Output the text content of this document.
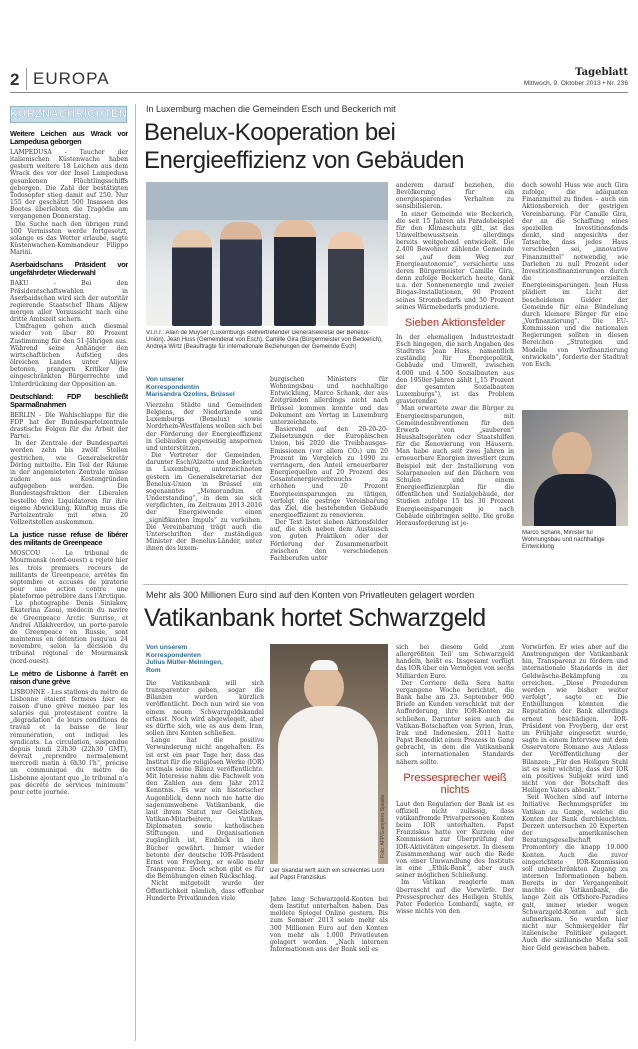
2 EUROPA	Tageblatt
Mittwoch, 9. Oktober 2013 • Nr. 236
KURZNACHRICHTEN
Weitere Leichen aus Wrack vor Lampedusa geborgen

LAMPEDUSA - Taucher der italienischen Küstenwache haben gestern weitere 18 Leichen aus dem Wrack des vor der Insel Lampedusa gesunkenen Flüchtlingsschiffs geborgen. Die Zahl der bestätigten Todesopfer stieg damit auf 250. Nur 155 der geschätzt 500 Insassen des Bootes überlebten die Tragödie am vergangenen Donnerstag.

Die Suche nach den übrigen rund 100 Vermissten werde fortgesetzt, solange es das Wetter erlaube, sagte Küstenwachen-Kommandeur Filippo Marini.

Aserbaidschans Präsident vor ungefährdeter Wiederwahl

BAKU - Bei den Präsidentschaftswahlen in Aserbaidschan wird sich der autoritär regierende Staatschef Ilham Alijew morgen aller Voraussicht nach eine dritte Amtszeit sichern.

Umfragen gehen auch diesmal wieder von über 80 Prozent Zustimmung für den 51-Jährigen aus. Während seine Anhänger den wirtschaftlichen Aufstieg des ölreichen Landes unter Alijew betonen, prangern Kritiker die eingeschränkten Bürgerrechte und Unterdrückung der Opposition an.

Deutschland: FDP beschließt Sparmaßnahmen

BERLIN - Die Wahlschlappe für die FDP hat der Bundesparteizentrale drastische Folgen für die Arbeit der Partei.

In der Zentrale der Bundespartei werden zehn bis zwölf Stellen gestrichen, wie Generalsekretär Döring mitteilte. Ein Teil der Räume in der angemieteten Zentrale müsse zudem aus Kostengründen aufgegeben werden. Die Bundestagsfraktion der Liberalen bestellte drei Liquidatoren für ihre eigene Abwicklung. Künftig muss die Parteizentrale mit etwa 20 Vollzeitstellen auskommen.

La justice russe refuse de libérer des militants de Greenpeace

MOSCOU - Le tribunal de Mourmansk (nord-ouest) a rejeté hier les trois premiers recours de militants de Greenpeace, arrêtés fin septembre et accusés de piraterie pour une action contre une plateforme pétrolière dans l'Arctique.

Le photographe Denis Siniakov, Ekaterina Zaoui, médecin du navire de Greenpeace Arctic Sunrise, et Andreï Allakhverdov, un porte-parole de Greenpeace en Russie, sont maintenus en détention jusqu'au 24 novembre, selon la décision du tribunal régional de Mourmansk (nord-ouest).

Le métro de Lisbonne à l'arrêt en raison d'une grève

LISBONNE - Les stations du métro de Lisbonne étaient fermées hier en raison d'une grève menée par les salariés qui protestaient contre la „dégradation“ de leurs conditions de travail et la baisse de leur rémunération, ont indiqué les syndicats. La circulation, suspendue depuis lundi 23h30 (22h30 GMT), devrait „reprendre normalement mercredi matin à 6h30 l'h“, précise un communiqué du métro de Lisbonne ajoutant que „le tribunal n'a pas décrété de services minimum“ pour cette journée.

In Luxemburg machen die Gemeinden Esch und Beckerich mit
Benelux-Kooperation bei
Energieeffizienz von Gebäuden
V.l.n.r.: Alain de Muyser (Luxemburgs stellvertretender Generalsekretär der Benelux-Union), Jean Huss (Gemeinderat von Esch), Camille Gira (Bürgermeister von Beckerich), Andreja Wirtz (Beauftragte für internationale Beziehungen der Gemeinde Esch)
Von unserer
Korrespondentin
Marisandra Ozolins, Brüssel

Vierzehn Städte und Gemeinden Belgiens, der Niederlande und Luxemburgs (Benelux) sowie Nordrhein-Westfalens wollen sich bei der Förderung der Energieeffizienz in Gebäuden gegenseitig anspornen und unterstützen.

Die Vertreter der Gemeinden, darunter Esch/Alzette und Beckerich in Luxemburg, unterzeichneten gestern im Generalsekretariat der Benelux-Union in Brüssel ein sogenanntes „Memorandum of Understanding“, in dem sie sich verpflichten, im Zeitraum 2013-2016 der Energiewende einen „signifikanten Impuls“ zu verleihen. Die Vereinbarung trägt auch die Unterschriften der zuständigen Minister der Benelux-Länder, unter ihnen des luxem-

burgischen Ministers für Wohnungsbau und nachhaltige Entwicklung, Marco Schank, der aus Zeitgründen allerdings nicht nach Brüssel kommen konnte und das Dokument am Vortag in Luxemburg unterzeichnete.

Basierend auf den 20-20-20-Zielsetzungen der Europäischen Union, bis 2020 die Treibhausgas-Emissionen (vor allem CO₂) um 20 Prozent im Vergleich zu 1990 zu verringern, den Anteil erneuerbarer Energiequellen auf 20 Prozent des Gesamtenergieverbrauchs zu erhöhen und 20 Prozent Energieeinsparungen zu tätigen, verfolgt die gestrige Vereinbarung das Ziel, die bestehenden Gebäude energieeffizient zu renovieren.

Der Text listet sieben Aktionsfelder auf, die sich neben dem Austausch von guten Praktiken oder der Förderung der Zusammenarbeit zwischen den verschiedenen Fachberufen unter

anderem darauf beziehen, die Bevölkerung für ein energiesparendes Verhalten zu sensibilisieren.

In einer Gemeinde wie Beckerich, die seit 15 Jahren als Paradebeispiel für den Klimaschutz gilt, ist das Umweltbewusstsein allerdings bereits weitgehend entwickelt. Die 2.400 Bewohner zählende Gemeinde sei „auf dem Weg zur Energieautonomie“, versicherte uns deren Bürgermeister Camille Gira, denn zufolge Beckerich heute, dank u.a. der Sonnenenergie und zweier Biogas-Installationen, 90 Prozent seines Strombedarfs und 50 Prozent seines Wärmebedarfs produziere.

Sieben Aktionsfelder

In der ehemaligen Industriestadt Esch hingegen, die nach Angaben des Stadtrats Jean Huss, namentlich zuständig für Energiepolitik, Gebäude und Umwelt, zwischen 4.000 und 4.500 Sozialbauten aus den 1950er-Jahren zählt („15 Prozent der gesamten Sozialbauten Luxemburgs“), ist das Problem gravierender.

Man erwartete zwar die Bürger zu Energieeinsparungen, mit Gemeindesubventionen für den Erwerb von „sauberen“ Haushaltsgeräten oder Staatshilfen für die Renovierung von Häusern. Man habe auch seit zwei Jahren in erneuerbare Energien investiert (zum Beispiel mit der Installierung von Solarpaneelen auf den Dächern von Schulen und einem Energieeffizienzplan für die öffentlichen und Sozialgebäude, der Studien zufolge 15 bis 30 Prozent Energieeinsparungen je nach Gebäude einbringen sollte. Die große Herausforderung ist je-

doch sowohl Huss wie auch Gira zufolge, die adäquaten Finanzmittel zu finden – auch ein Aktionsbereich der gestrigen Vereinbarung. Für Camille Gira, der an die Schaffung eines speziellen Investitionsfonds denkt, sind angesichts der Tatsache, dass jedes Haus verschieden sei, „innovative Finanzmittel“ notwendig, wie Darlehen zu null Prozent oder Investitionsfinanzierungen durch die erzielten Energieeinsparungen. Jean Huss plädiert im Licht der bescheidenen Gelder der Gemeinde für eine Bündelung durch kleinere Bürger für eine „Vorfinanzierung“. Die EU-Kommission und die nationalen Regierungen sollten in diesen Bereichen „Strategien und Modelle von Vorfinanzierung entwickeln“, forderte der Stadtrat von Esch.

Marco Schank, Minister für Wohnungsbau und nachhaltige Entwicklung
Mehr als 300 Millionen Euro sind auf den Konten von Privatleuten gelagert worden
Vatikanbank hortet Schwarzgeld
Von unserem
Korrespondenten
Julius Müller-Meiningen,
Rom

Die Vatikanbank will sich transparenter geben, sogar die Bilanzen wurden kürzlich veröffentlicht. Doch nun wird sie von einem neuen Schwarzgeldskandal erfasst. Noch wird abgewiegelt, aber es dürfte sich, wie es aus dem Iran, sollen ihre Konten schließen.

Lange hat die positive Verwunderung nicht angehalten. Es ist erst ein paar Tage her, dass das Institut für die religiösen Werke (IOR) erstmals seine Bilanz veröffentlichte. Mit Interesse nahm die Fachwelt von den Zahlen aus dem Jahr 2012 Kenntnis. Es war ein historischer Augenblick, denn noch nie hatte die sagenumwobene Vatikanbank, die laut ihrem Statut nur Geistlichen, Vatikan-Mitarbeitern, Vatikan-Diplomaten sowie katholischen Stiftungen und Organisationen zugänglich ist, Einblick in ihre Bücher gewährt. Immer wieder betonte der deutsche IOR-Präsident Ernst von Freyberg, er wolle mehr Transparenz. Doch schon gibt es für die Bemühungen einen Rückschlag.

Nicht mitgeteilt wurde der Öffentlichkeit nämlich, dass offenbar Hunderte Privatkunden viele

Foto: AFP/Gianpiero Sposito
Der Skandal wirft auch ein schlechtes Licht auf Papst Franziskus

Jahre lang Schwarzgeld-Konten bei dem Institut unterhalten haben. Das meldete Spiegel Online gestern. Bis zum Sommer 2013 seien mehr als 300 Millionen Euro auf den Konten von mehr als 1.000 Privatleuten gelagert worden. „Nach internen Informationen aus der Bank soll es

sich bei diesem Geld ‚zum allergrößten Teil‘ um Schwarzgeld handeln, heißt es. Insgesamt verfügt das IOR über ein Vermögen von sechs Milliarden Euro.

Der Corriere della Sera hatte vergangene Woche berichtet, die Bank habe am 23. September 900 Briefe an Kunden verschickt mit der Aufforderung, ihre IOR-Konten zu schließen. Darunter seien auch die Vatikan-Botschaften von Syrien, Iran, Irak und Indonesien. 2011 hatte Papst Benedikt einen Prozess in Gang gebracht, in dem die Vatikanbank sich internationalen Standards nähern sollte.

Pressesprecher weiß nichts

Laut den Regularien der Bank ist es offiziell nicht zulässig, dass vatikanfremde Privatpersonen Konten beim IOR unterhalten. Papst Franziskus hatte vor Kurzem eine Kommission zur Überprüfung der IOR-Aktivitäten eingesetzt. In diesem Zusammenhang war auch die Rede von einer Umwandlung des Instituts in eine „Ethik-Bank“, aber auch seiner möglichen Schließung.

Im Vatikan reagierte man überrascht auf die Vorwürfe. Der Pressesprecher des Heiligen Stuhls, Pater Federico Lombardi, sagte, er wisse nichts von den

Vorwürfen. Er wies aber auf die Anstrengungen der Vatikanbank hin, Transparenz zu fördern und internationale Standards in der Geldwäsche-Bekämpfung zu erreichen. „Diese Prozeduren werden wie bisher weiter verfolgt“, sagte er. Die Enthüllungen könnten die Reputation der Bank allerdings erneut beschädigen. IOR-Präsident von Freyberg, der erst im Frühjahr eingesetzt wurde, sagte in einem Interview mit dem Osservatore Romano aus Anlass der Veröffentlichung der Bilanzen: „Für den Heiligen Stuhl ist es sehr wichtig, dass der IOR ein positives Subjekt wird und nicht von der Botschaft des Heiligen Vaters ablenkt.“

Seit Wochen sind auf interne Initiative Rechnungsprüfer im Vatikan zu Gange, welche die Konten der Bank durchleuchten. Derzeit untersuchen 20 Experten der amerikanischen Beratungsgesellschaft Promontory die knapp 19.000 Konten. Auch die zuvor eingerichtete IOR-Kommission soll unbeschränkten Zugang zu internen Informationen haben. Bereits in der Vergangenheit machte die Vatikanbank, die lange Zeit als Offshore-Paradies galt, immer wieder wegen Schwarzgeld-Konten auf sich aufmerksam. So wurden hier nicht nur Schmiergelder für italienische Politiker gelagert. Auch die sizilianische Mafia soll hier Geld gewaschen haben.
